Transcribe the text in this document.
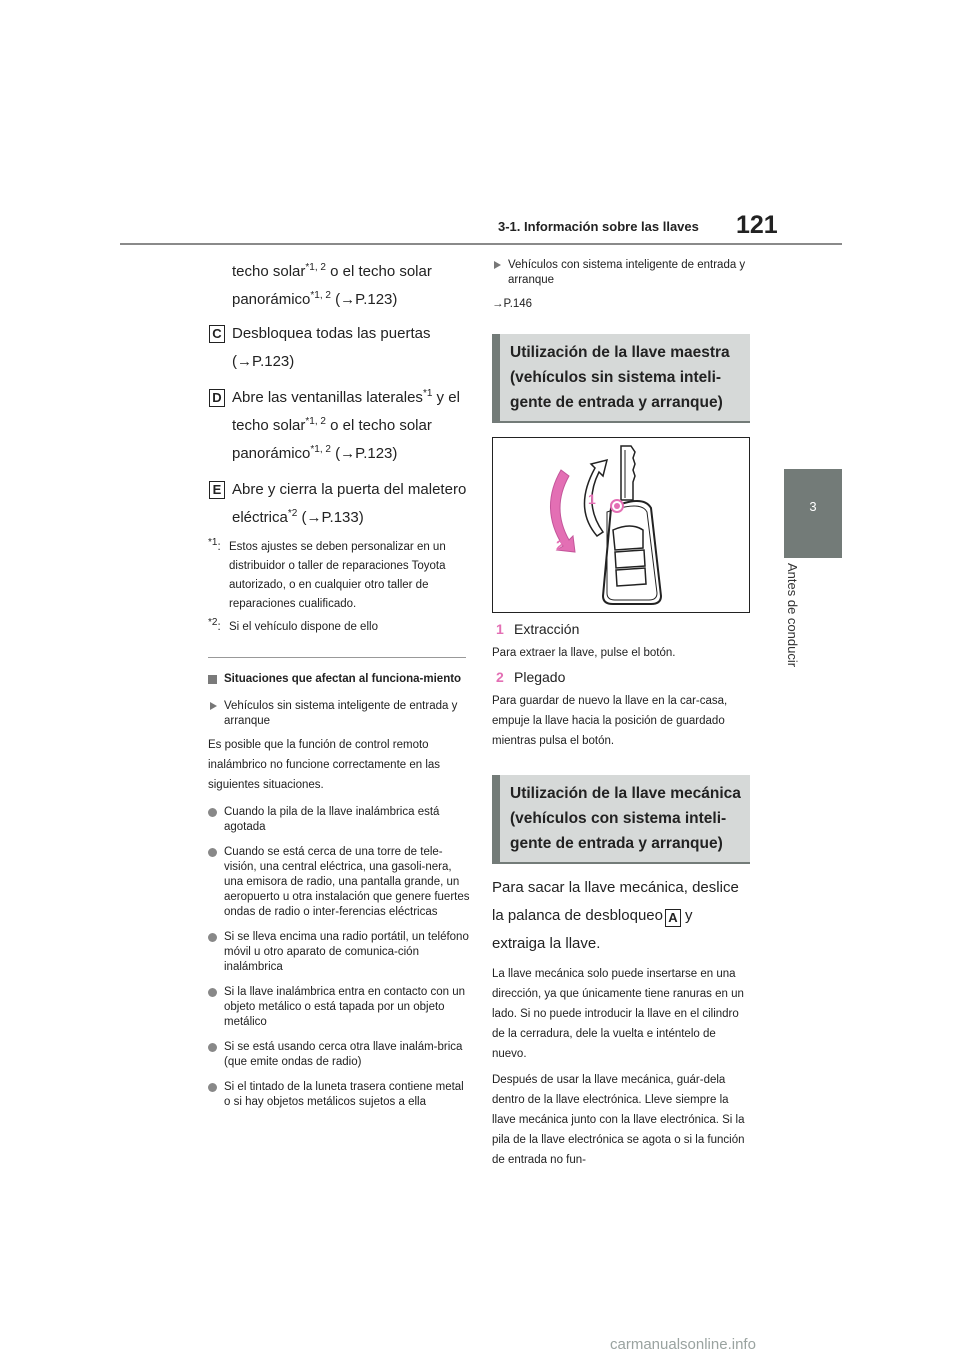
3-1. Información sobre las llaves 121
3
Antes de conducir
techo solar$^{*1, 2}$ o el techo solar
panorámico$^{*1, 2}$ (→P.123)
C Desbloquea todas las puertas
(→P.123)
D Abre las ventanillas laterales$^{*1}$ y el
techo solar$^{*1, 2}$ o el techo solar
panorámico$^{*1, 2}$ (→P.123)
E Abre y cierra la puerta del maletero
eléctrica$^{*2}$ (→P.133)
$^{*1}$: Estos ajustes se deben personalizar en un distribuidor o taller de reparaciones Toyota autorizado, o en cualquier otro taller de reparaciones cualificado.
$^{*2}$: Si el vehículo dispone de ello
Situaciones que afectan al funciona-miento
Vehículos sin sistema inteligente de entrada y arranque
Es posible que la función de control remoto inalámbrico no funcione correctamente en las siguientes situaciones.
Cuando la pila de la llave inalámbrica está agotada
Cuando se está cerca de una torre de tele-visión, una central eléctrica, una gasoli-nera, una emisora de radio, una pantalla grande, un aeropuerto u otra instalación que genere fuertes ondas de radio o inter-ferencias eléctricas
Si se lleva encima una radio portátil, un teléfono móvil u otro aparato de comunica-ción inalámbrica
Si la llave inalámbrica entra en contacto con un objeto metálico o está tapada por un objeto metálico
Si se está usando cerca otra llave inalám-brica (que emite ondas de radio)
Si el tintado de la luneta trasera contiene metal o si hay objetos metálicos sujetos a ella
Vehículos con sistema inteligente de entrada y arranque
→P.146
Utilización de la llave maestra (vehículos sin sistema inteli-gente de entrada y arranque)
1
2
1 Extracción
Para extraer la llave, pulse el botón.
2 Plegado
Para guardar de nuevo la llave en la car-casa, empuje la llave hacia la posición de guardado mientras pulsa el botón.
Utilización de la llave mecánica (vehículos con sistema inteli-gente de entrada y arranque)
Para sacar la llave mecánica, deslice la palanca de desbloqueo A y extraiga la llave.
La llave mecánica solo puede insertarse en una dirección, ya que únicamente tiene ranuras en un lado. Si no puede introducir la llave en el cilindro de la cerradura, dele la vuelta e inténtelo de nuevo.
Después de usar la llave mecánica, guár-dela dentro de la llave electrónica. Lleve siempre la llave mecánica junto con la llave electrónica. Si la pila de la llave electrónica se agota o si la función de entrada no fun-
carmanualsonline.info
